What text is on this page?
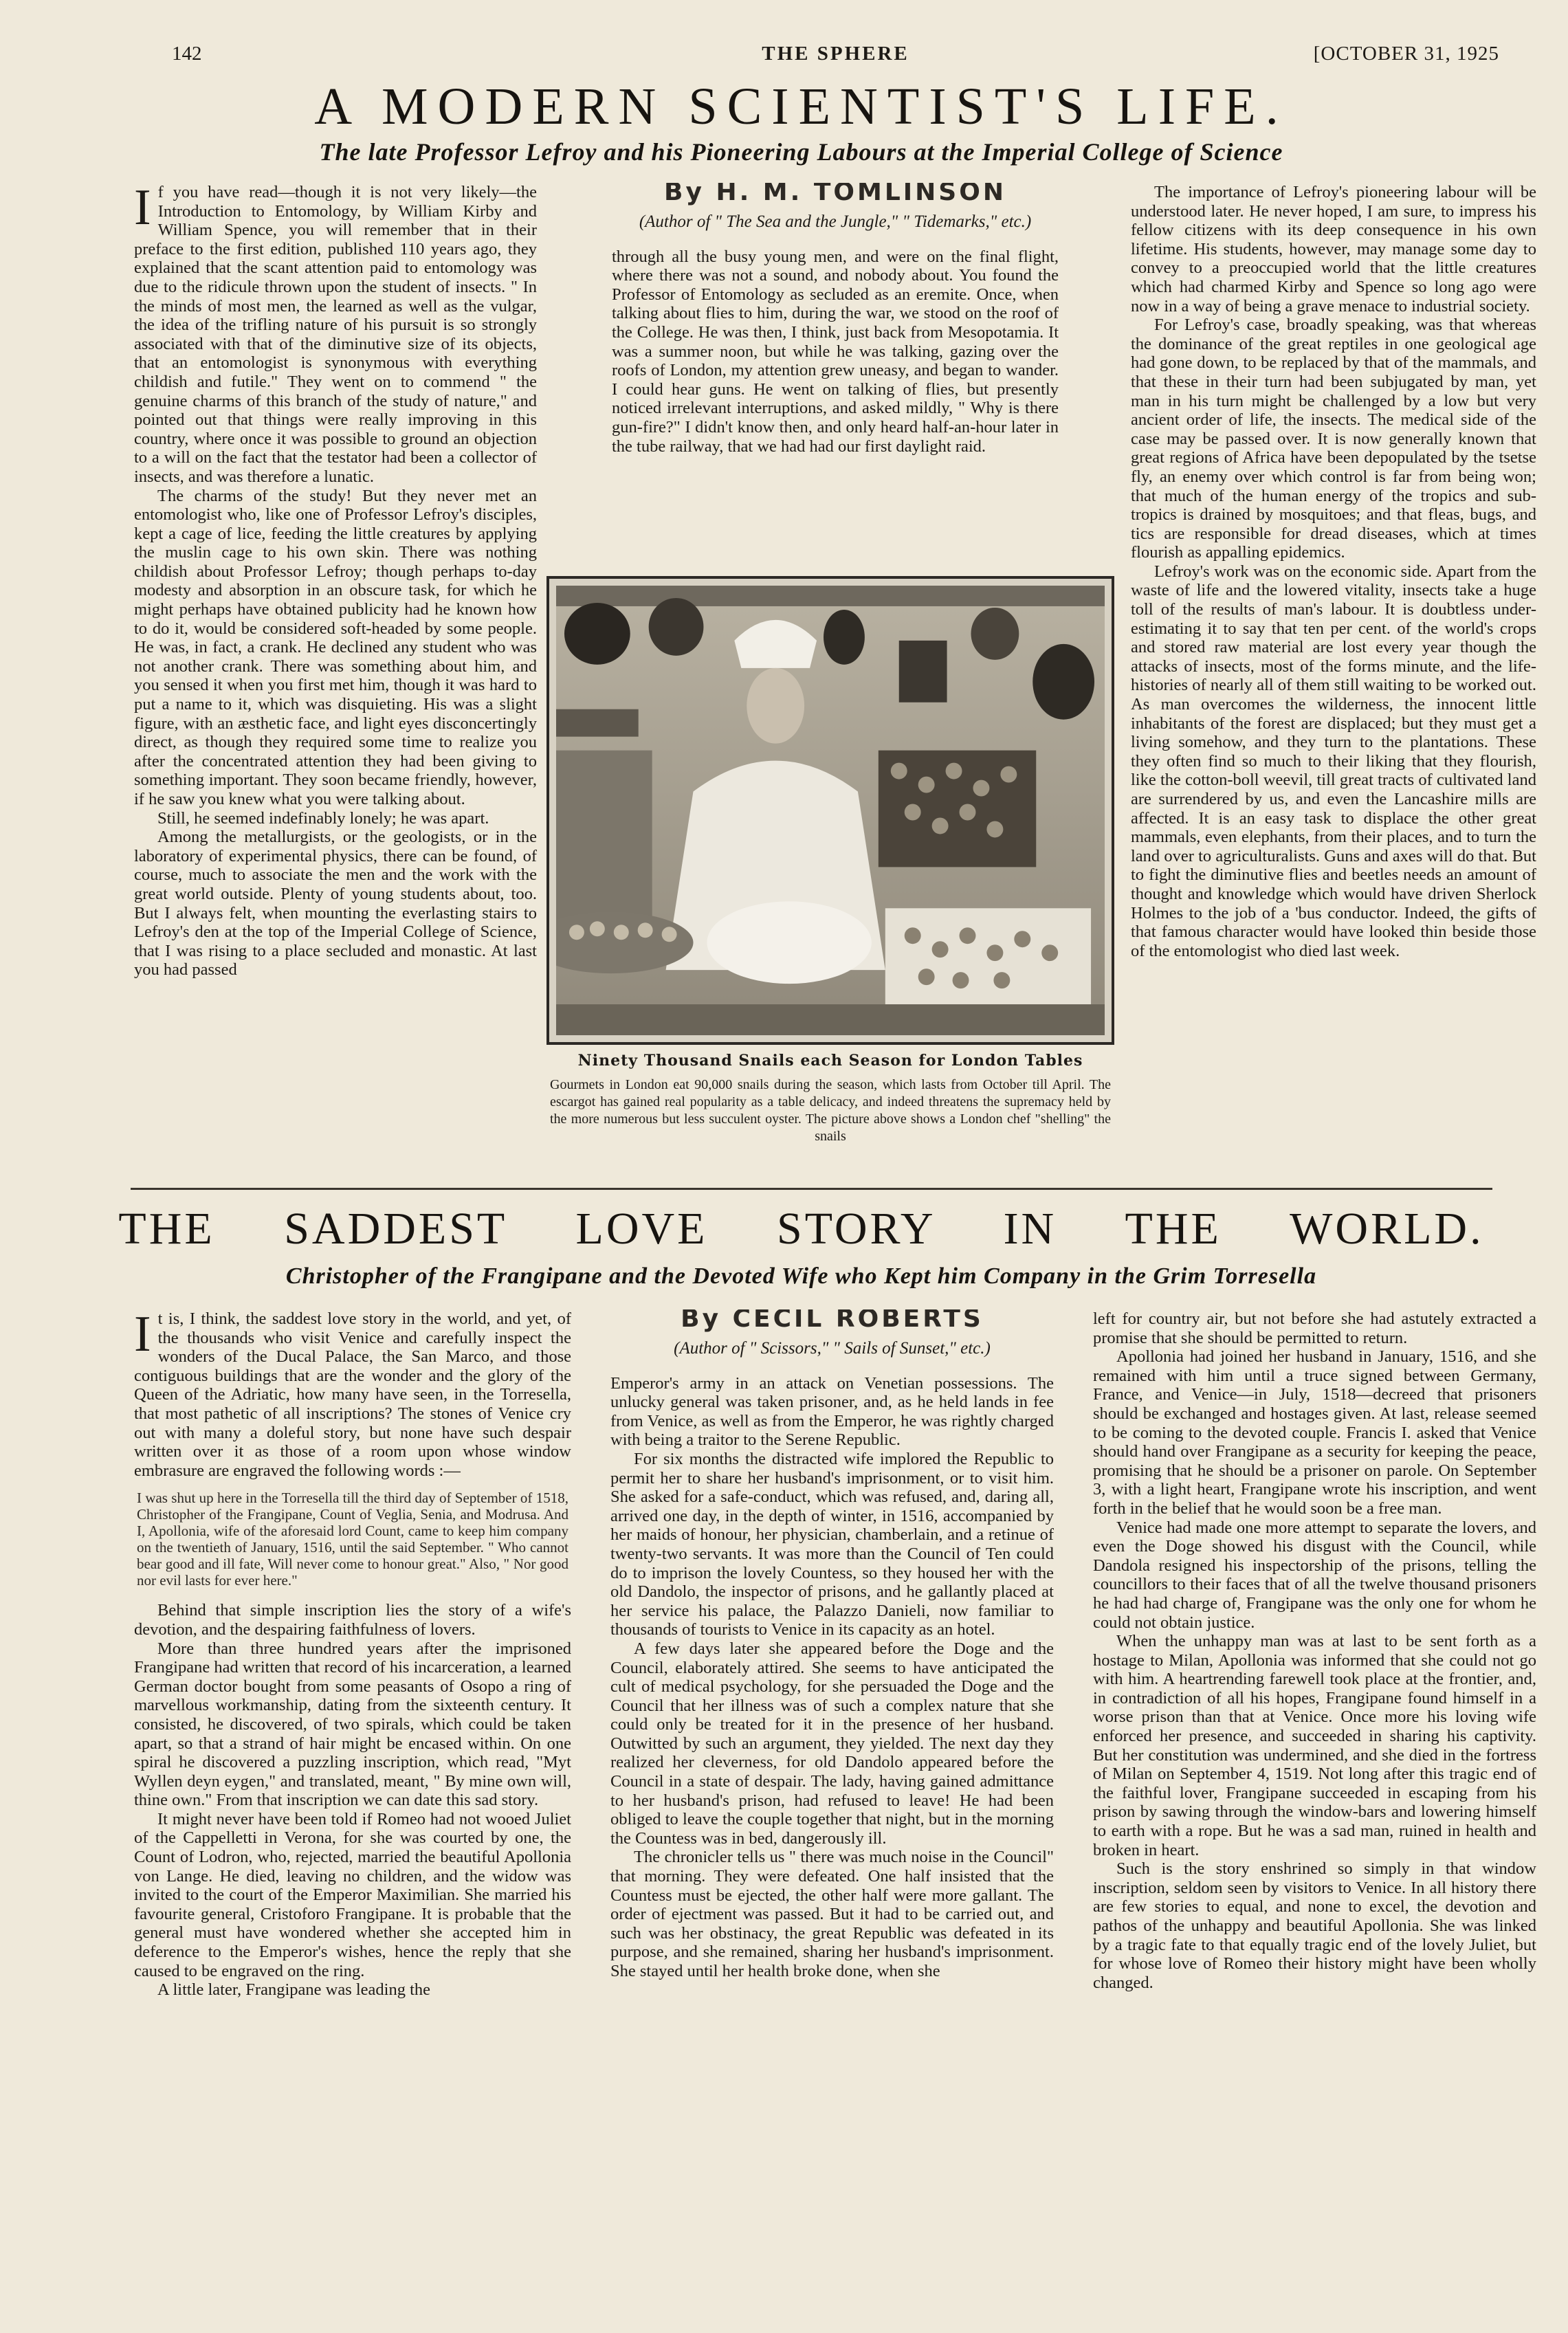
142	THE SPHERE	[OCTOBER 31, 1925
A MODERN SCIENTIST'S LIFE.
The late Professor Lefroy and his Pioneering Labours at the Imperial College of Science
I f you have read—though it is not very likely—the Introduction to Entomology, by William Kirby and William Spence, you will remember that in their preface to the first edition, published 110 years ago, they explained that the scant attention paid to entomology was due to the ridicule thrown upon the student of insects. " In the minds of most men, the learned as well as the vulgar, the idea of the trifling nature of his pursuit is so strongly associated with that of the diminutive size of its objects, that an entomologist is synonymous with everything childish and futile." They went on to commend " the genuine charms of this branch of the study of nature," and pointed out that things were really improving in this country, where once it was possible to ground an objection to a will on the fact that the testator had been a collector of insects, and was therefore a lunatic.

The charms of the study! But they never met an entomologist who, like one of Professor Lefroy's disciples, kept a cage of lice, feeding the little creatures by applying the muslin cage to his own skin. There was nothing childish about Professor Lefroy; though perhaps to-day modesty and absorption in an obscure task, for which he might perhaps have obtained publicity had he known how to do it, would be considered soft-headed by some people. He was, in fact, a crank. He declined any student who was not another crank. There was something about him, and you sensed it when you first met him, though it was hard to put a name to it, which was disquieting. His was a slight figure, with an æsthetic face, and light eyes disconcertingly direct, as though they required some time to realize you after the concentrated attention they had been giving to something important. They soon became friendly, however, if he saw you knew what you were talking about.

Still, he seemed indefinably lonely; he was apart.

Among the metallurgists, or the geologists, or in the laboratory of experimental physics, there can be found, of course, much to associate the men and the work with the great world outside. Plenty of young students about, too. But I always felt, when mounting the everlasting stairs to Lefroy's den at the top of the Imperial College of Science, that I was rising to a place secluded and monastic. At last you had passed

By H. M. TOMLINSON
(Author of " The Sea and the Jungle," " Tidemarks," etc.)

through all the busy young men, and were on the final flight, where there was not a sound, and nobody about. You found the Professor of Entomology as secluded as an eremite. Once, when talking about flies to him, during the war, we stood on the roof of the College. He was then, I think, just back from Mesopotamia. It was a summer noon, but while he was talking, gazing over the roofs of London, my attention grew uneasy, and began to wander. I could hear guns. He went on talking of flies, but presently noticed irrelevant interruptions, and asked mildly, " Why is there gun-fire?" I didn't know then, and only heard half-an-hour later in the tube railway, that we had had our first daylight raid.

Ninety Thousand Snails each Season for London Tables
Gourmets in London eat 90,000 snails during the season, which lasts from October till April. The escargot has gained real popularity as a table delicacy, and indeed threatens the supremacy held by the more numerous but less succulent oyster. The picture above shows a London chef "shelling" the snails

The importance of Lefroy's pioneering labour will be understood later. He never hoped, I am sure, to impress his fellow citizens with its deep consequence in his own lifetime. His students, however, may manage some day to convey to a preoccupied world that the little creatures which had charmed Kirby and Spence so long ago were now in a way of being a grave menace to industrial society.

For Lefroy's case, broadly speaking, was that whereas the dominance of the great reptiles in one geological age had gone down, to be replaced by that of the mammals, and that these in their turn had been subjugated by man, yet man in his turn might be challenged by a low but very ancient order of life, the insects. The medical side of the case may be passed over. It is now generally known that great regions of Africa have been depopulated by the tsetse fly, an enemy over which control is far from being won; that much of the human energy of the tropics and sub-tropics is drained by mosquitoes; and that fleas, bugs, and tics are responsible for dread diseases, which at times flourish as appalling epidemics.

Lefroy's work was on the economic side. Apart from the waste of life and the lowered vitality, insects take a huge toll of the results of man's labour. It is doubtless under-estimating it to say that ten per cent. of the world's crops and stored raw material are lost every year though the attacks of insects, most of the forms minute, and the life-histories of nearly all of them still waiting to be worked out. As man overcomes the wilderness, the innocent little inhabitants of the forest are displaced; but they must get a living somehow, and they turn to the plantations. These they often find so much to their liking that they flourish, like the cotton-boll weevil, till great tracts of cultivated land are surrendered by us, and even the Lancashire mills are affected. It is an easy task to displace the other great mammals, even elephants, from their places, and to turn the land over to agriculturalists. Guns and axes will do that. But to fight the diminutive flies and beetles needs an amount of thought and knowledge which would have driven Sherlock Holmes to the job of a 'bus conductor. Indeed, the gifts of that famous character would have looked thin beside those of the entomologist who died last week.

THE SADDEST LOVE STORY IN THE WORLD.
Christopher of the Frangipane and the Devoted Wife who Kept him Company in the Grim Torresella
I t is, I think, the saddest love story in the world, and yet, of the thousands who visit Venice and carefully inspect the wonders of the Ducal Palace, the San Marco, and those contiguous buildings that are the wonder and the glory of the Queen of the Adriatic, how many have seen, in the Torresella, that most pathetic of all inscriptions? The stones of Venice cry out with many a doleful story, but none have such despair written over it as those of a room upon whose window embrasure are engraved the following words :—

I was shut up here in the Torresella till the third day of September of 1518, Christopher of the Frangipane, Count of Veglia, Senia, and Modrusa. And I, Apollonia, wife of the aforesaid lord Count, came to keep him company on the twentieth of January, 1516, until the said September. " Who cannot bear good and ill fate, Will never come to honour great." Also, " Nor good nor evil lasts for ever here."

Behind that simple inscription lies the story of a wife's devotion, and the despairing faithfulness of lovers.

More than three hundred years after the imprisoned Frangipane had written that record of his incarceration, a learned German doctor bought from some peasants of Osopo a ring of marvellous workmanship, dating from the sixteenth century. It consisted, he discovered, of two spirals, which could be taken apart, so that a strand of hair might be encased within. On one spiral he discovered a puzzling inscription, which read, "Myt Wyllen deyn eygen," and translated, meant, " By mine own will, thine own." From that inscription we can date this sad story.

It might never have been told if Romeo had not wooed Juliet of the Cappelletti in Verona, for she was courted by one, the Count of Lodron, who, rejected, married the beautiful Apollonia von Lange. He died, leaving no children, and the widow was invited to the court of the Emperor Maximilian. She married his favourite general, Cristoforo Frangipane. It is probable that the general must have wondered whether she accepted him in deference to the Emperor's wishes, hence the reply that she caused to be engraved on the ring.

A little later, Frangipane was leading the

By CECIL ROBERTS
(Author of " Scissors," " Sails of Sunset," etc.)

Emperor's army in an attack on Venetian possessions. The unlucky general was taken prisoner, and, as he held lands in fee from Venice, as well as from the Emperor, he was rightly charged with being a traitor to the Serene Republic.

For six months the distracted wife implored the Republic to permit her to share her husband's imprisonment, or to visit him. She asked for a safe-conduct, which was refused, and, daring all, arrived one day, in the depth of winter, in 1516, accompanied by her maids of honour, her physician, chamberlain, and a retinue of twenty-two servants. It was more than the Council of Ten could do to imprison the lovely Countess, so they housed her with the old Dandolo, the inspector of prisons, and he gallantly placed at her service his palace, the Palazzo Danieli, now familiar to thousands of tourists to Venice in its capacity as an hotel.

A few days later she appeared before the Doge and the Council, elaborately attired. She seems to have anticipated the cult of medical psychology, for she persuaded the Doge and the Council that her illness was of such a complex nature that she could only be treated for it in the presence of her husband. Outwitted by such an argument, they yielded. The next day they realized her cleverness, for old Dandolo appeared before the Council in a state of despair. The lady, having gained admittance to her husband's prison, had refused to leave! He had been obliged to leave the couple together that night, but in the morning the Countess was in bed, dangerously ill.

The chronicler tells us " there was much noise in the Council" that morning. They were defeated. One half insisted that the Countess must be ejected, the other half were more gallant. The order of ejectment was passed. But it had to be carried out, and such was her obstinacy, the great Republic was defeated in its purpose, and she remained, sharing her husband's imprisonment. She stayed until her health broke done, when she

left for country air, but not before she had astutely extracted a promise that she should be permitted to return.

Apollonia had joined her husband in January, 1516, and she remained with him until a truce signed between Germany, France, and Venice—in July, 1518—decreed that prisoners should be exchanged and hostages given. At last, release seemed to be coming to the devoted couple. Francis I. asked that Venice should hand over Frangipane as a security for keeping the peace, promising that he should be a prisoner on parole. On September 3, with a light heart, Frangipane wrote his inscription, and went forth in the belief that he would soon be a free man.

Venice had made one more attempt to separate the lovers, and even the Doge showed his disgust with the Council, while Dandola resigned his inspectorship of the prisons, telling the councillors to their faces that of all the twelve thousand prisoners he had had charge of, Frangipane was the only one for whom he could not obtain justice.

When the unhappy man was at last to be sent forth as a hostage to Milan, Apollonia was informed that she could not go with him. A heartrending farewell took place at the frontier, and, in contradiction of all his hopes, Frangipane found himself in a worse prison than that at Venice. Once more his loving wife enforced her presence, and succeeded in sharing his captivity. But her constitution was undermined, and she died in the fortress of Milan on September 4, 1519. Not long after this tragic end of the faithful lover, Frangipane succeeded in escaping from his prison by sawing through the window-bars and lowering himself to earth with a rope. But he was a sad man, ruined in health and broken in heart.

Such is the story enshrined so simply in that window inscription, seldom seen by visitors to Venice. In all history there are few stories to equal, and none to excel, the devotion and pathos of the unhappy and beautiful Apollonia. She was linked by a tragic fate to that equally tragic end of the lovely Juliet, but for whose love of Romeo their history might have been wholly changed.
